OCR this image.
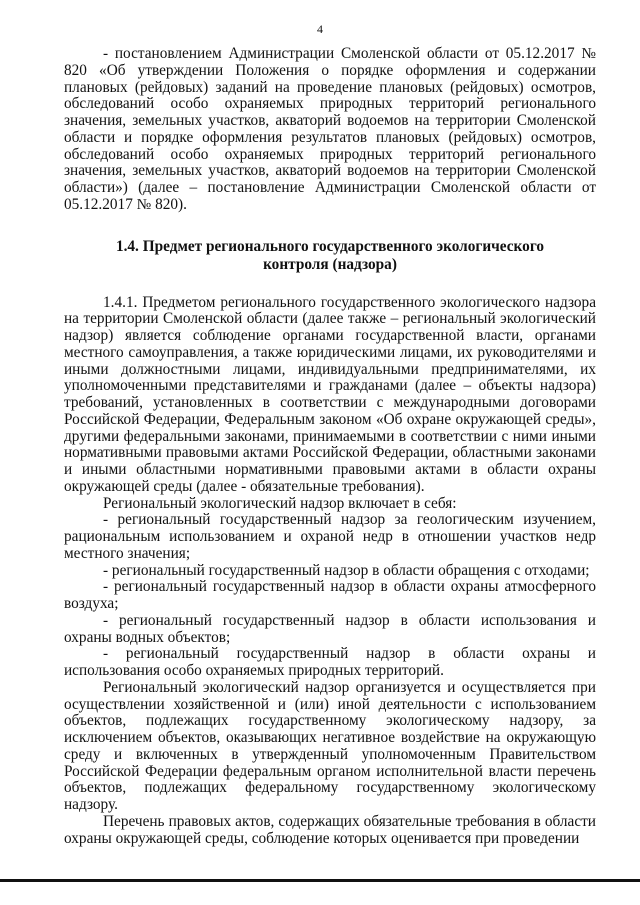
4

- постановлением Администрации Смоленской области от 05.12.2017 № 820 «Об утверждении Положения о порядке оформления и содержании плановых (рейдовых) заданий на проведение плановых (рейдовых) осмотров, обследований особо охраняемых природных территорий регионального значения, земельных участков, акваторий водоемов на территории Смоленской области и порядке оформления результатов плановых (рейдовых) осмотров, обследований особо охраняемых природных территорий регионального значения, земельных участков, акваторий водоемов на территории Смоленской области») (далее – постановление Администрации Смоленской области от 05.12.2017 № 820).

1.4. Предмет регионального государственного экологического контроля (надзора)

1.4.1. Предметом регионального государственного экологического надзора на территории Смоленской области (далее также – региональный экологический надзор) является соблюдение органами государственной власти, органами местного самоуправления, а также юридическими лицами, их руководителями и иными должностными лицами, индивидуальными предпринимателями, их уполномоченными представителями и гражданами (далее – объекты надзора) требований, установленных в соответствии с международными договорами Российской Федерации, Федеральным законом «Об охране окружающей среды», другими федеральными законами, принимаемыми в соответствии с ними иными нормативными правовыми актами Российской Федерации, областными законами и иными областными нормативными правовыми актами в области охраны окружающей среды (далее - обязательные требования).

Региональный экологический надзор включает в себя:

- региональный государственный надзор за геологическим изучением, рациональным использованием и охраной недр в отношении участков недр местного значения;

- региональный государственный надзор в области обращения с отходами;

- региональный государственный надзор в области охраны атмосферного воздуха;

- региональный государственный надзор в области использования и охраны водных объектов;

- региональный государственный надзор в области охраны и использования особо охраняемых природных территорий.

Региональный экологический надзор организуется и осуществляется при осуществлении хозяйственной и (или) иной деятельности с использованием объектов, подлежащих государственному экологическому надзору, за исключением объектов, оказывающих негативное воздействие на окружающую среду и включенных в утвержденный уполномоченным Правительством Российской Федерации федеральным органом исполнительной власти перечень объектов, подлежащих федеральному государственному экологическому надзору.

Перечень правовых актов, содержащих обязательные требования в области охраны окружающей среды, соблюдение которых оценивается при проведении
